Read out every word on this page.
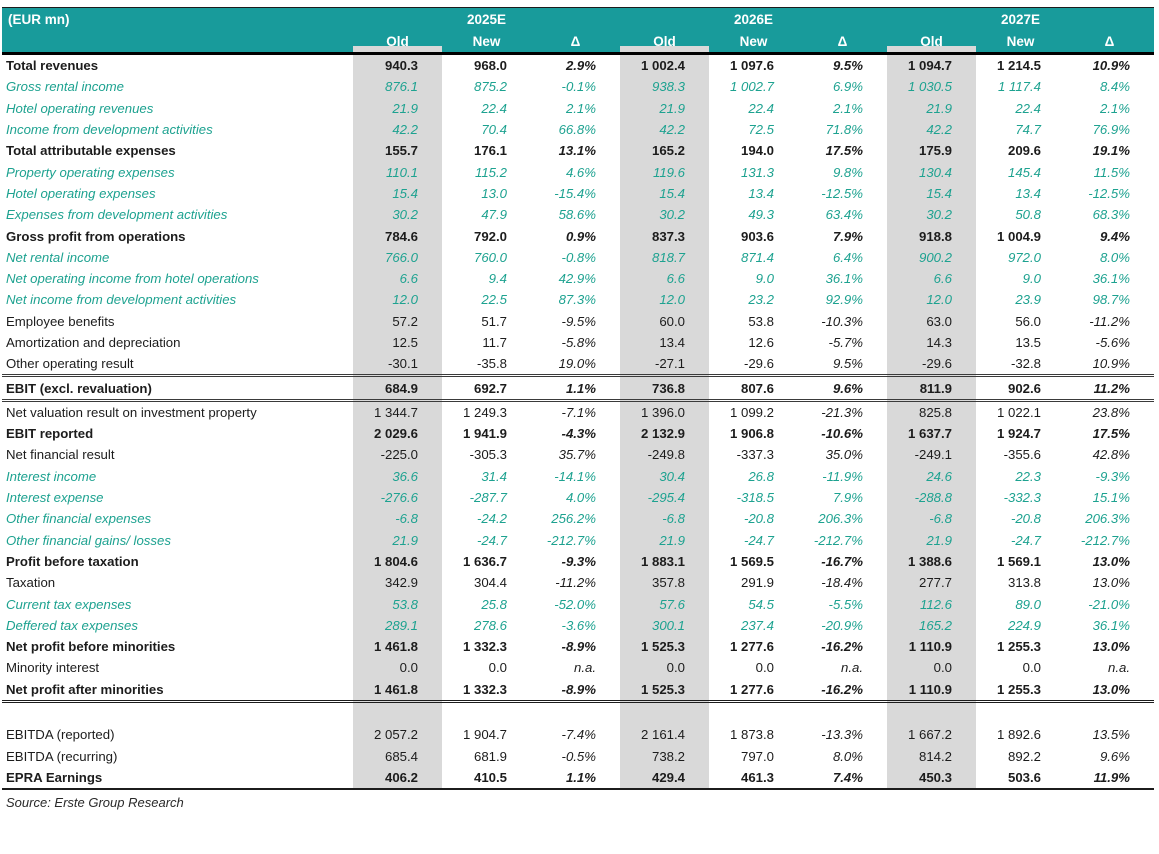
(EUR mn)	2025E			2026E			2027E		
	Old	New	Δ	Old	New	Δ	Old	New	Δ
Total revenues	940.3	968.0	2.9%	1 002.4	1 097.6	9.5%	1 094.7	1 214.5	10.9%
Gross rental income	876.1	875.2	-0.1%	938.3	1 002.7	6.9%	1 030.5	1 117.4	8.4%
Hotel operating revenues	21.9	22.4	2.1%	21.9	22.4	2.1%	21.9	22.4	2.1%
Income from development activities	42.2	70.4	66.8%	42.2	72.5	71.8%	42.2	74.7	76.9%
Total attributable expenses	155.7	176.1	13.1%	165.2	194.0	17.5%	175.9	209.6	19.1%
Property operating expenses	110.1	115.2	4.6%	119.6	131.3	9.8%	130.4	145.4	11.5%
Hotel operating expenses	15.4	13.0	-15.4%	15.4	13.4	-12.5%	15.4	13.4	-12.5%
Expenses from development activities	30.2	47.9	58.6%	30.2	49.3	63.4%	30.2	50.8	68.3%
Gross profit from operations	784.6	792.0	0.9%	837.3	903.6	7.9%	918.8	1 004.9	9.4%
Net rental income	766.0	760.0	-0.8%	818.7	871.4	6.4%	900.2	972.0	8.0%
Net operating income from hotel operations	6.6	9.4	42.9%	6.6	9.0	36.1%	6.6	9.0	36.1%
Net income from development activities	12.0	22.5	87.3%	12.0	23.2	92.9%	12.0	23.9	98.7%
Employee benefits	57.2	51.7	-9.5%	60.0	53.8	-10.3%	63.0	56.0	-11.2%
Amortization and depreciation	12.5	11.7	-5.8%	13.4	12.6	-5.7%	14.3	13.5	-5.6%
Other operating result	-30.1	-35.8	19.0%	-27.1	-29.6	9.5%	-29.6	-32.8	10.9%
EBIT (excl. revaluation)	684.9	692.7	1.1%	736.8	807.6	9.6%	811.9	902.6	11.2%
Net valuation result on investment property	1 344.7	1 249.3	-7.1%	1 396.0	1 099.2	-21.3%	825.8	1 022.1	23.8%
EBIT reported	2 029.6	1 941.9	-4.3%	2 132.9	1 906.8	-10.6%	1 637.7	1 924.7	17.5%
Net financial result	-225.0	-305.3	35.7%	-249.8	-337.3	35.0%	-249.1	-355.6	42.8%
Interest income	36.6	31.4	-14.1%	30.4	26.8	-11.9%	24.6	22.3	-9.3%
Interest expense	-276.6	-287.7	4.0%	-295.4	-318.5	7.9%	-288.8	-332.3	15.1%
Other financial expenses	-6.8	-24.2	256.2%	-6.8	-20.8	206.3%	-6.8	-20.8	206.3%
Other financial gains/ losses	21.9	-24.7	-212.7%	21.9	-24.7	-212.7%	21.9	-24.7	-212.7%
Profit before taxation	1 804.6	1 636.7	-9.3%	1 883.1	1 569.5	-16.7%	1 388.6	1 569.1	13.0%
Taxation	342.9	304.4	-11.2%	357.8	291.9	-18.4%	277.7	313.8	13.0%
Current tax expenses	53.8	25.8	-52.0%	57.6	54.5	-5.5%	112.6	89.0	-21.0%
Deffered tax expenses	289.1	278.6	-3.6%	300.1	237.4	-20.9%	165.2	224.9	36.1%
Net profit before minorities	1 461.8	1 332.3	-8.9%	1 525.3	1 277.6	-16.2%	1 110.9	1 255.3	13.0%
Minority interest	0.0	0.0	n.a.	0.0	0.0	n.a.	0.0	0.0	n.a.
Net profit after minorities	1 461.8	1 332.3	-8.9%	1 525.3	1 277.6	-16.2%	1 110.9	1 255.3	13.0%

EBITDA (reported)	2 057.2	1 904.7	-7.4%	2 161.4	1 873.8	-13.3%	1 667.2	1 892.6	13.5%
EBITDA (recurring)	685.4	681.9	-0.5%	738.2	797.0	8.0%	814.2	892.2	9.6%
EPRA Earnings	406.2	410.5	1.1%	429.4	461.3	7.4%	450.3	503.6	11.9%
Source: Erste Group Research
